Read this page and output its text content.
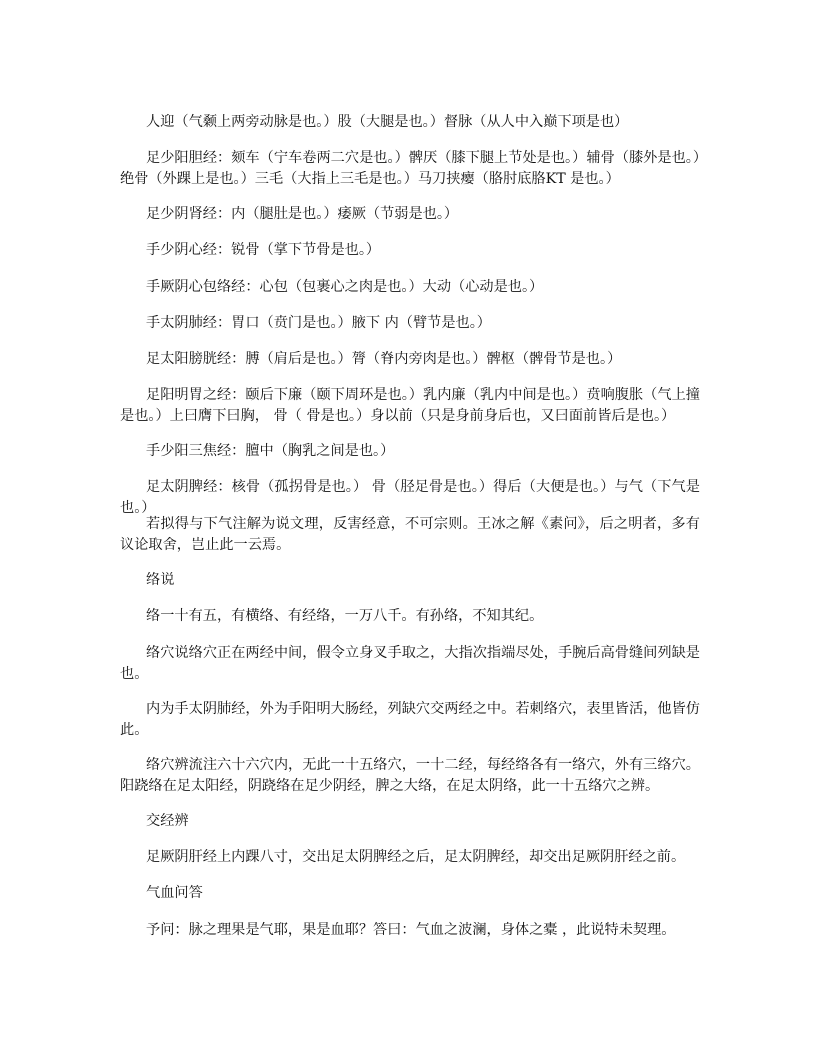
人迎（气颡上两旁动脉是也。）股（大腿是也。）督脉（从人中入巅下项是也）

足少阳胆经：颏车（宁车卷两二穴是也。）髀厌（膝下腿上节处是也。）辅骨（膝外是也。）绝骨（外踝上是也。）三毛（大指上三毛是也。）马刀挟瘿（胳肘底胳KT 是也。）

足少阴肾经：内（腿肚是也。）痿厥（节弱是也。）

手少阴心经：锐骨（掌下节骨是也。）

手厥阴心包络经：心包（包裹心之肉是也。）大动（心动是也。）

手太阴肺经：胃口（贲门是也。）腋下 内（臂节是也。）

足太阳膀胱经：膊（肩后是也。）膂（脊内旁肉是也。）髀枢（髀骨节是也。）

足阳明胃之经：颐后下廉（颐下周环是也。）乳内廉（乳内中间是也。）贲响腹胀（气上撞是也。）上曰膺下曰胸， 骨（ 骨是也。）身以前（只是身前身后也，又曰面前皆后是也。）

手少阳三焦经：膻中（胸乳之间是也。）

足太阴脾经：核骨（孤拐骨是也。） 骨（胫足骨是也。）得后（大便是也。）与气（下气是也。）

若拟得与下气注解为说文理，反害经意，不可宗则。王冰之解《素问》，后之明者，多有议论取舍，岂止此一云焉。

络说

络一十有五，有横络、有经络，一万八千。有孙络，不知其纪。

络穴说络穴正在两经中间，假令立身叉手取之，大指次指端尽处，手腕后高骨缝间列缺是也。

内为手太阴肺经，外为手阳明大肠经，列缺穴交两经之中。若刺络穴，表里皆活，他皆仿此。

络穴辨流注六十六穴内，无此一十五络穴，一十二经，每经络各有一络穴，外有三络穴。阳跷络在足太阳经，阴跷络在足少阴经，脾之大络，在足太阴络，此一十五络穴之辨。

交经辨

足厥阴肝经上内踝八寸，交出足太阴脾经之后，足太阴脾经，却交出足厥阴肝经之前。

气血问答

予问：脉之理果是气耶，果是血耶？答曰：气血之波澜，身体之橐 ，此说特未契理。
